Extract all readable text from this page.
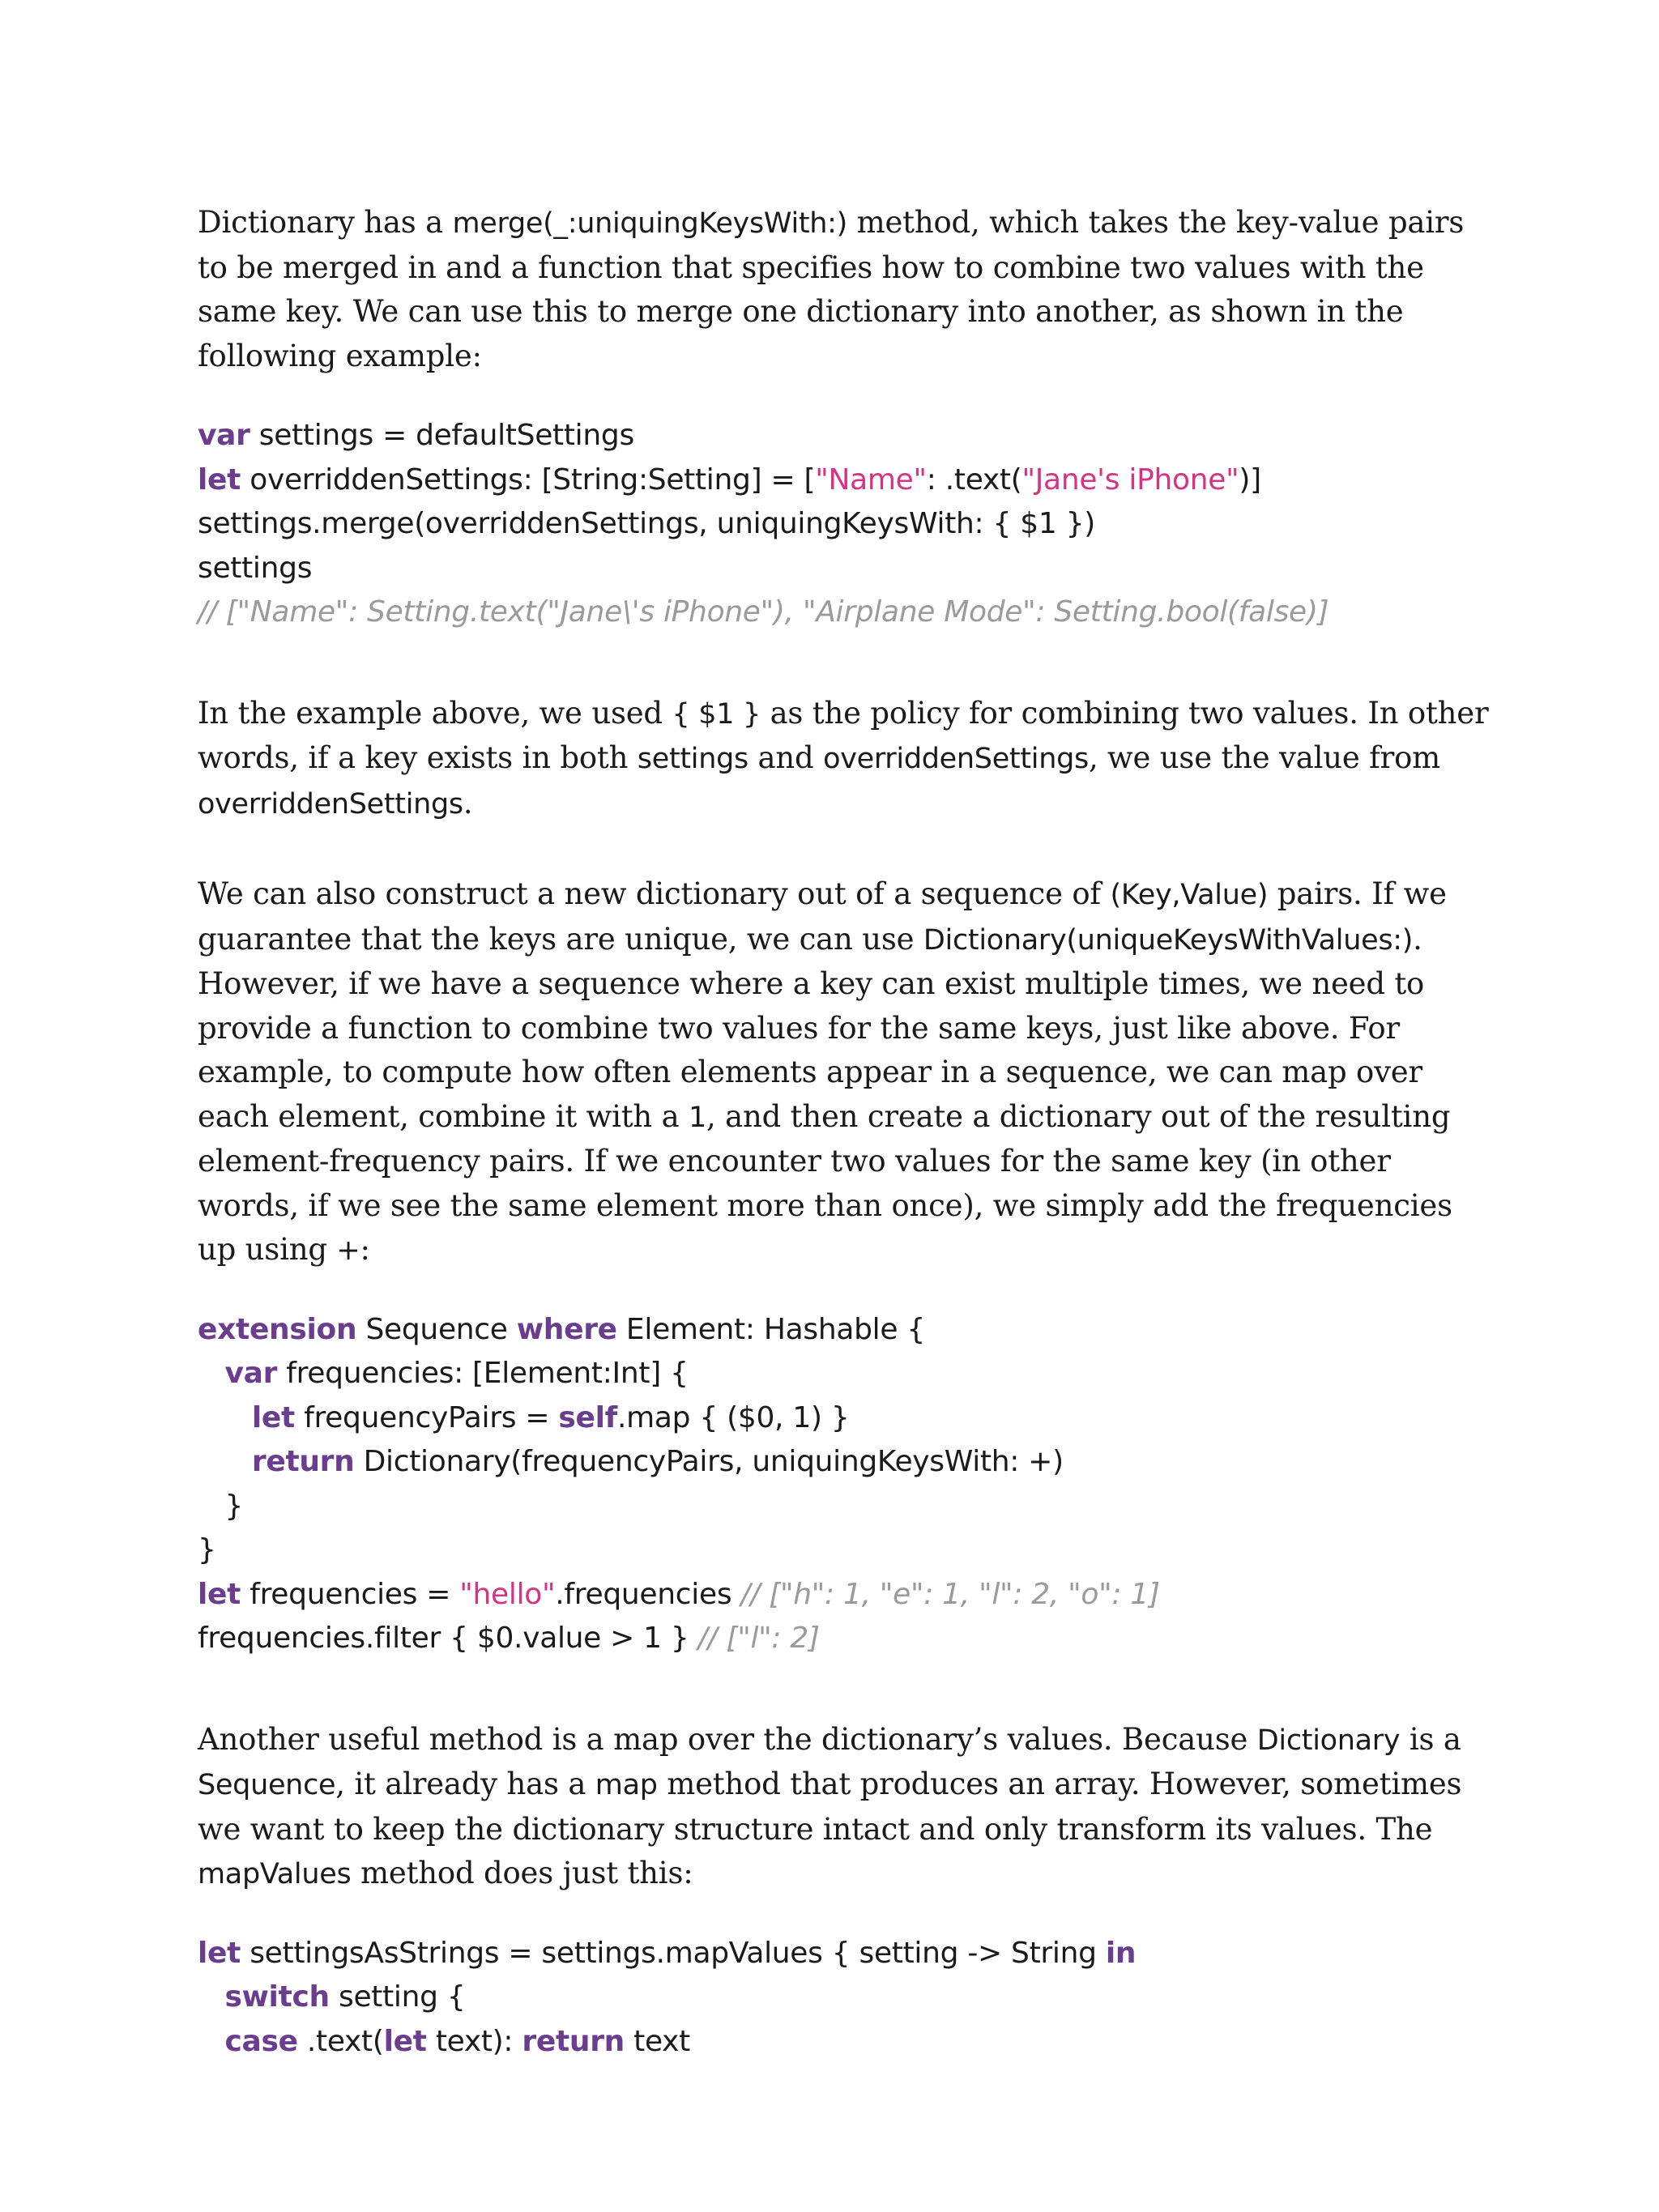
Dictionary has a merge(_:uniquingKeysWith:) method, which takes the key-value pairs to be merged in and a function that specifies how to combine two values with the same key. We can use this to merge one dictionary into another, as shown in the following example:

var settings = defaultSettings
let overriddenSettings: [String:Setting] = ["Name": .text("Jane's iPhone")]
settings.merge(overriddenSettings, uniquingKeysWith: { $1 })
settings
// ["Name": Setting.text("Jane\'s iPhone"), "Airplane Mode": Setting.bool(false)]

In the example above, we used { $1 } as the policy for combining two values. In other words, if a key exists in both settings and overriddenSettings, we use the value from overriddenSettings.

We can also construct a new dictionary out of a sequence of (Key,Value) pairs. If we guarantee that the keys are unique, we can use Dictionary(uniqueKeysWithValues:). However, if we have a sequence where a key can exist multiple times, we need to provide a function to combine two values for the same keys, just like above. For example, to compute how often elements appear in a sequence, we can map over each element, combine it with a 1, and then create a dictionary out of the resulting element-frequency pairs. If we encounter two values for the same key (in other words, if we see the same element more than once), we simply add the frequencies up using +:

extension Sequence where Element: Hashable {
var frequencies: [Element:Int] {
let frequencyPairs = self.map { ($0, 1) }
return Dictionary(frequencyPairs, uniquingKeysWith: +)
}
}
let frequencies = "hello".frequencies // ["h": 1, "e": 1, "l": 2, "o": 1]
frequencies.filter { $0.value > 1 } // ["l": 2]

Another useful method is a map over the dictionary’s values. Because Dictionary is a Sequence, it already has a map method that produces an array. However, sometimes we want to keep the dictionary structure intact and only transform its values. The mapValues method does just this:

let settingsAsStrings = settings.mapValues { setting -> String in
switch setting {
case .text(let text): return text
